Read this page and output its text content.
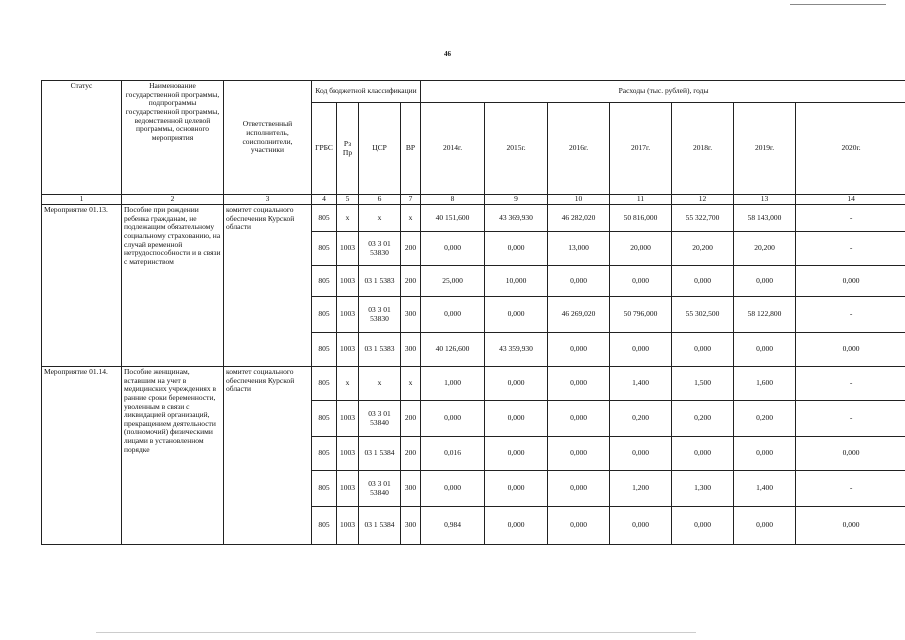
46
Статус	Наименование государственной программы, подпрограммы государственной программы, ведомственной целевой программы, основного мероприятия	Ответственный исполнитель, соисполнители, участники	Код бюджетной классификации				Расходы (тыс. рублей), годы						
			ГРБС	Рз Пр	ЦСР	ВР	2014г.	2015г.	2016г.	2017г.	2018г.	2019г.	2020г.
1	2	3	4	5	6	7	8	9	10	11	12	13	14
Мероприятие 01.13.	Пособие при рождении ребенка гражданам, не подлежащим обязательному социальному страхованию, на случай временной нетрудоспособности и в связи с материнством	комитет социального обеспечения Курской области	805	x	x	x	40 151,600	43 369,930	46 282,020	50 816,000	55 322,700	58 143,000	-
			805	1003	03 3 01 53830	200	0,000	0,000	13,000	20,000	20,200	20,200	-
			805	1003	03 1 5383	200	25,000	10,000	0,000	0,000	0,000	0,000	0,000
			805	1003	03 3 01 53830	300	0,000	0,000	46 269,020	50 796,000	55 302,500	58 122,800	-
			805	1003	03 1 5383	300	40 126,600	43 359,930	0,000	0,000	0,000	0,000	0,000
Мероприятие 01.14.	Пособие женщинам, вставшим на учет в медицинских учреждениях в ранние сроки беременности, уволенным в связи с ликвидацией организаций, прекращением деятельности (полномочий) физическими лицами в установленном порядке	комитет социального обеспечения Курской области	805	x	x	x	1,000	0,000	0,000	1,400	1,500	1,600	-
			805	1003	03 3 01 53840	200	0,000	0,000	0,000	0,200	0,200	0,200	-
			805	1003	03 1 5384	200	0,016	0,000	0,000	0,000	0,000	0,000	0,000
			805	1003	03 3 01 53840	300	0,000	0,000	0,000	1,200	1,300	1,400	-
			805	1003	03 1 5384	300	0,984	0,000	0,000	0,000	0,000	0,000	0,000
